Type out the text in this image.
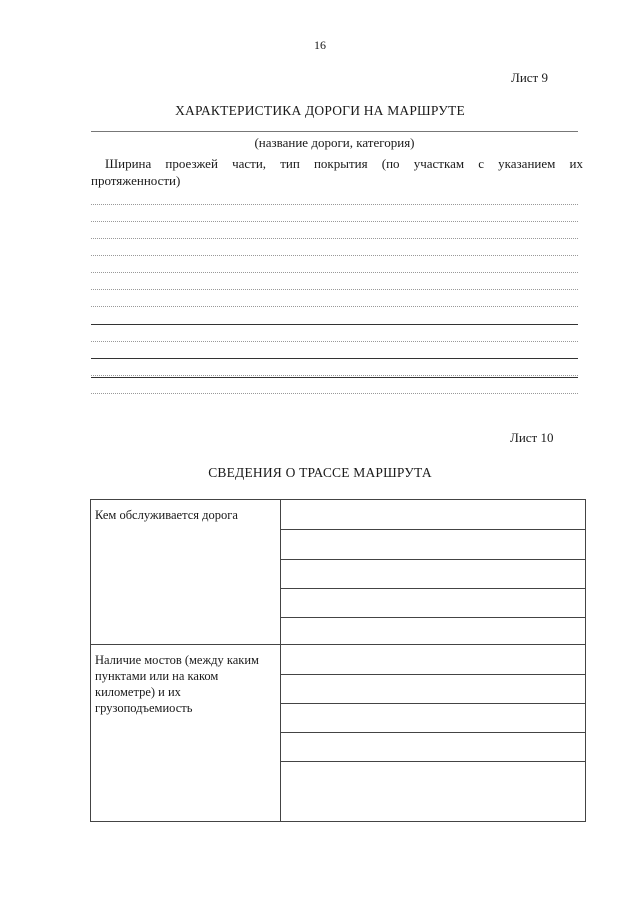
16
Лист 9
ХАРАКТЕРИСТИКА ДОРОГИ НА МАРШРУТЕ
(название дороги, категория)
Ширина проезжей части, тип покрытия (по участкам с указанием их
протяженности)
Лист 10
СВЕДЕНИЯ О ТРАССЕ МАРШРУТА
Кем обслуживается дорога	

Наличие мостов (между каким пунктами или на каком километре) и их грузоподъемиость	
